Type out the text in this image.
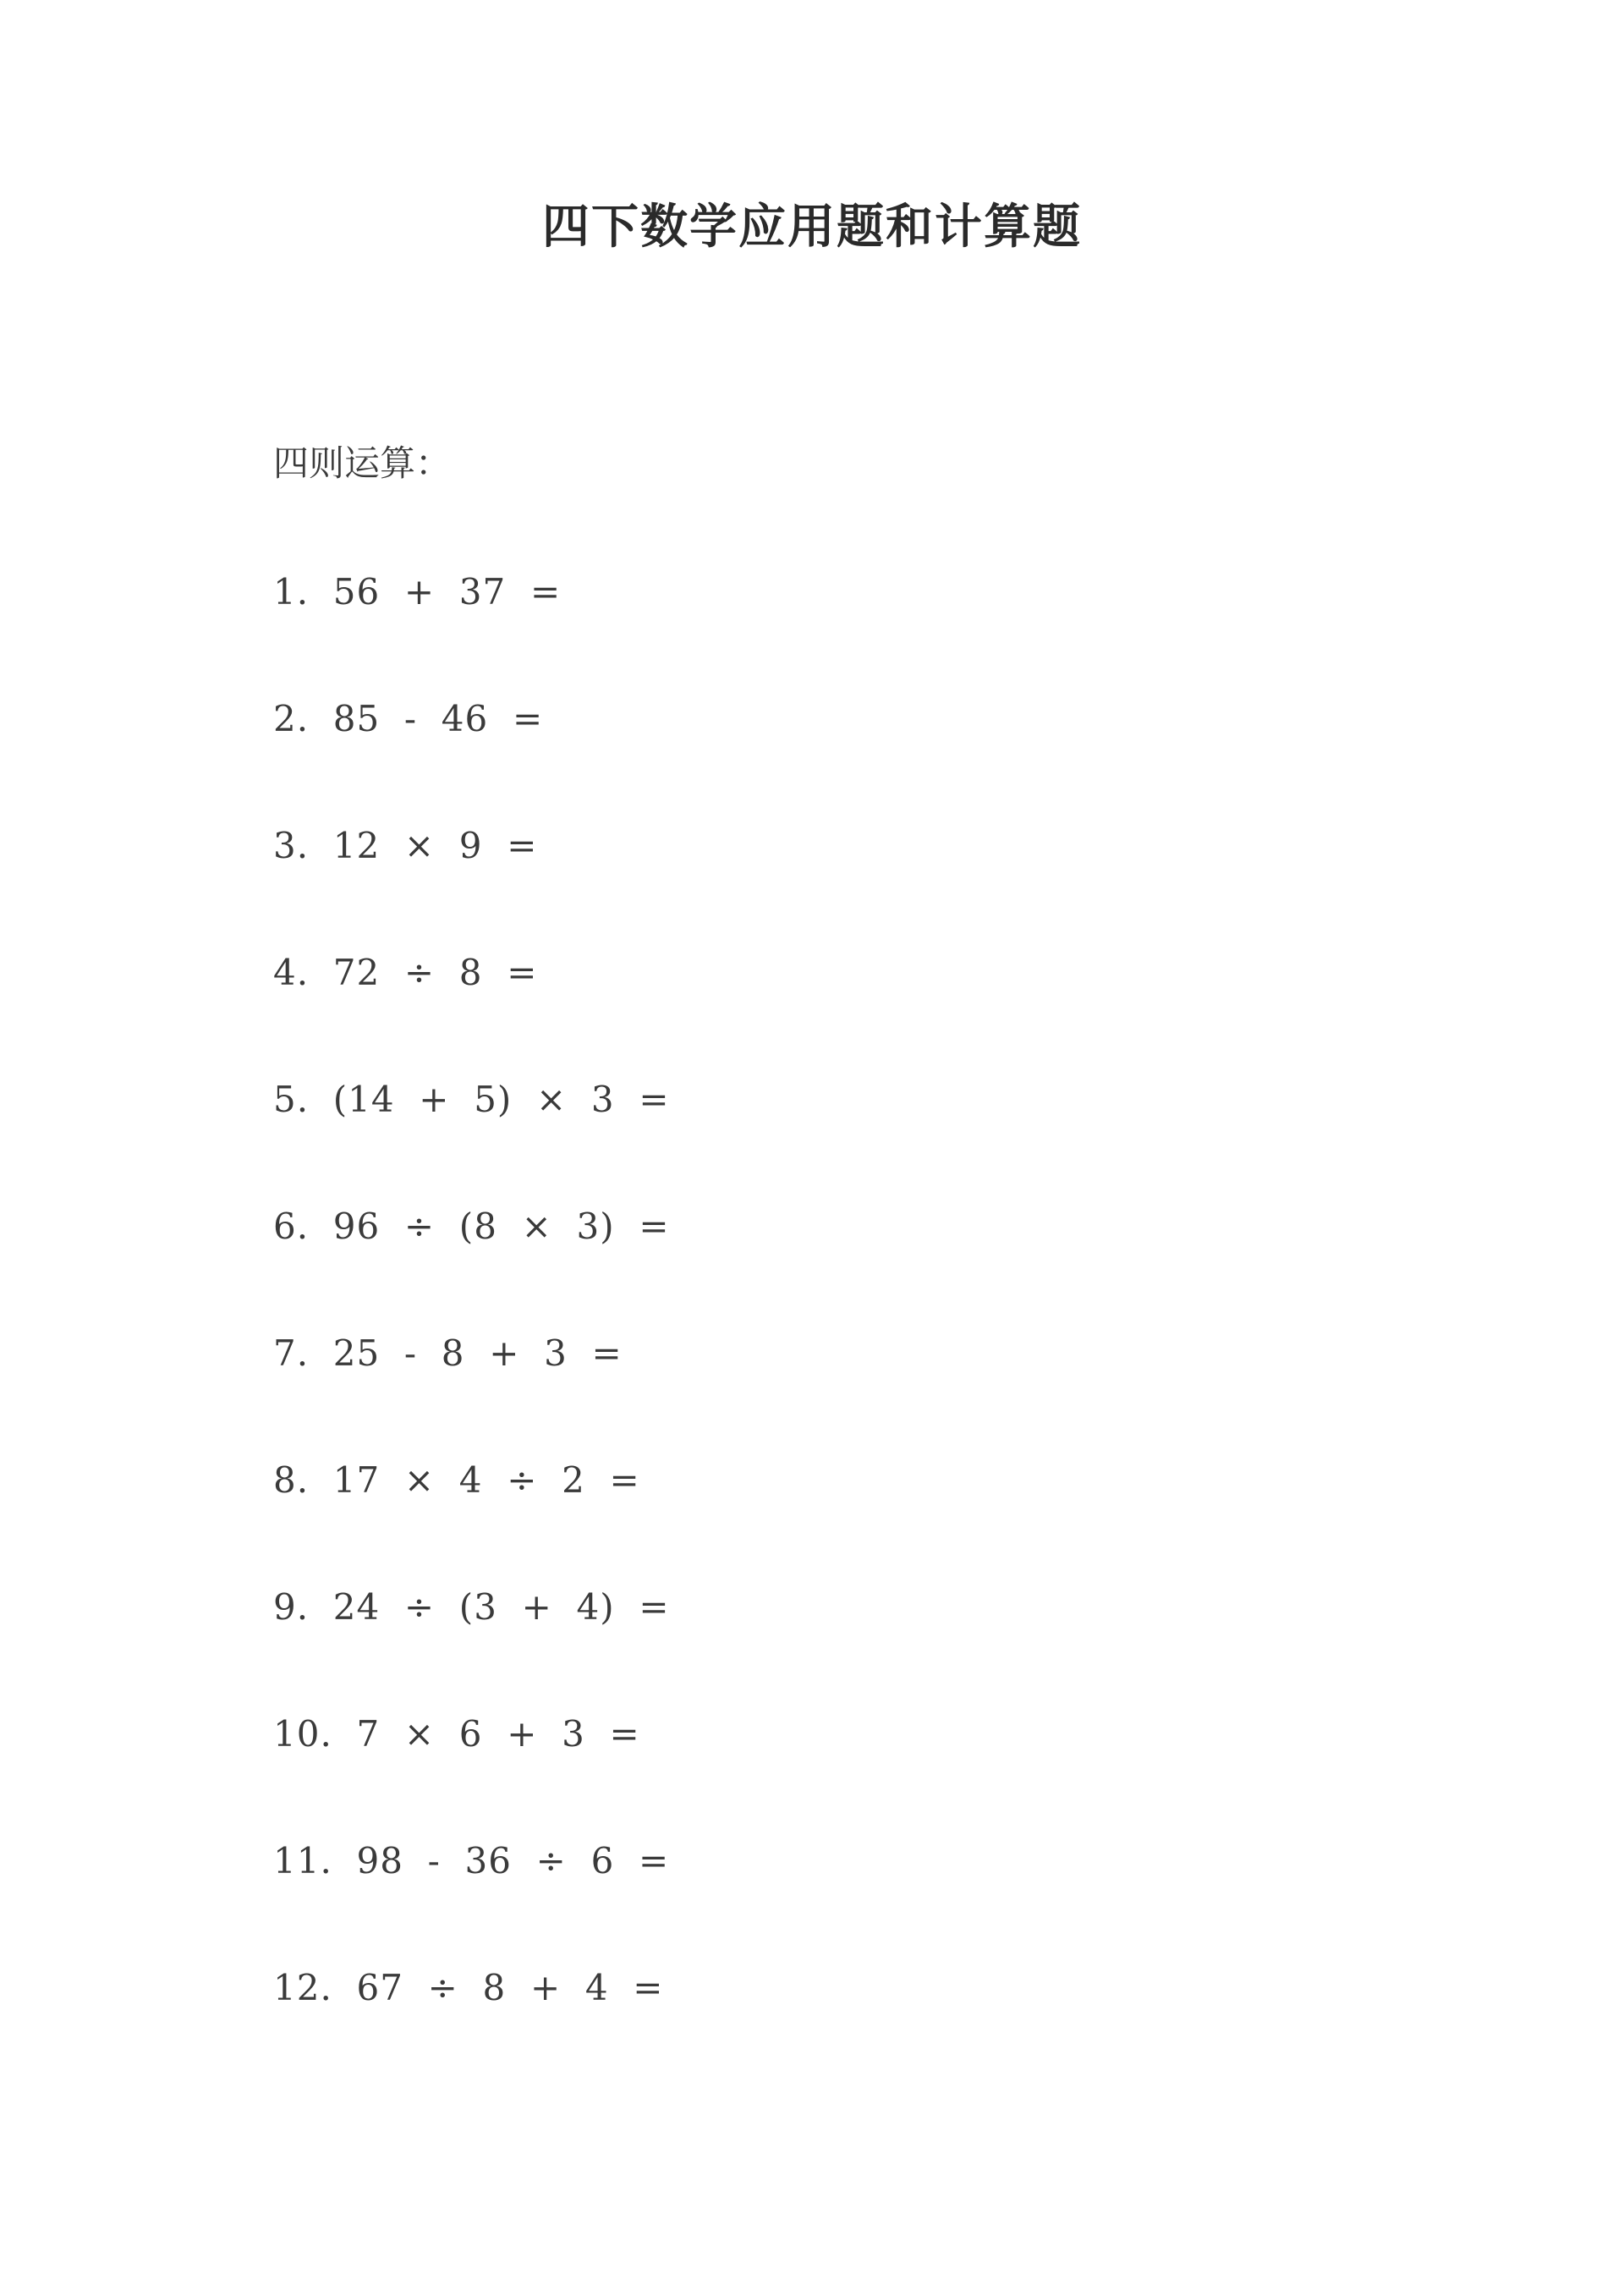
四下数学应用题和计算题
四则运算：
1.  56  +  37  =
2.  85  -  46  =
3.  12  ×  9  =
4.  72  ÷  8  =
5.  (14  +  5)  ×  3  =
6.  96  ÷  (8  ×  3)  =
7.  25  -  8  +  3  =
8.  17  ×  4  ÷  2  =
9.  24  ÷  (3  +  4)  =
10.  7  ×  6  +  3  =
11.  98  -  36  ÷  6  =
12.  67  ÷  8  +  4  =
